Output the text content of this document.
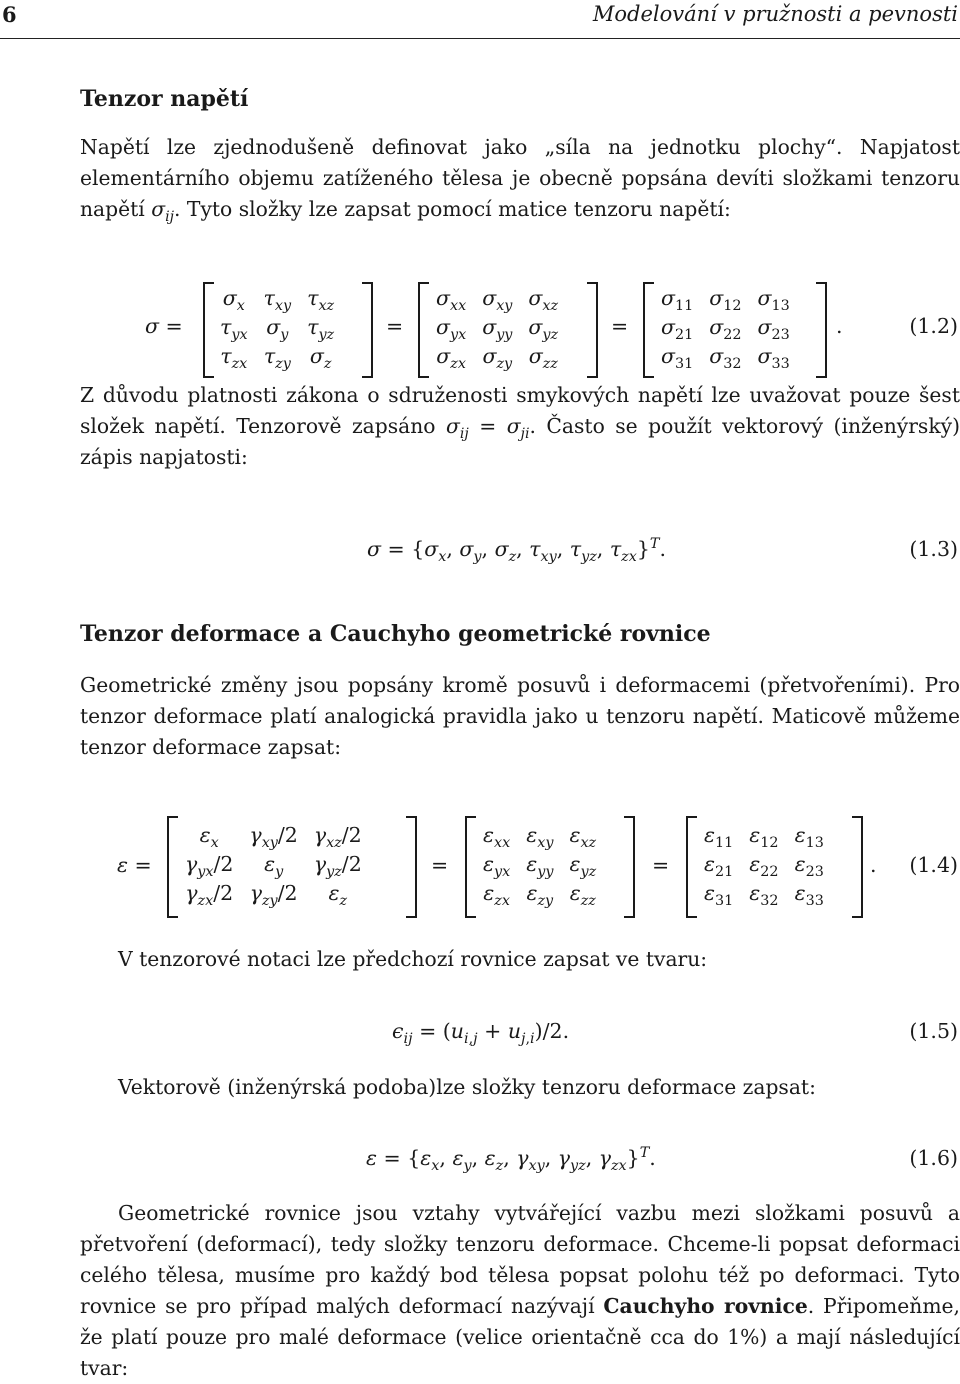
6	Modelování v pružnosti a pevnosti
Tenzor napětí
Napětí lze zjednodušeně definovat jako „síla na jednotku plochy“. Napjatost elementárního objemu zatíženého tělesa je obecně popsána devíti složkami tenzoru napětí $\sigma_{ij}$. Tyto složky lze zapsat pomocí matice tenzoru napětí:
σ =
$\sigma_x$	$\tau_{xy}$	$\tau_{xz}$
$\tau_{yx}$	$\sigma_y$	$\tau_{yz}$
$\tau_{zx}$	$\tau_{zy}$	$\sigma_z$
=
$\sigma_{xx}$	$\sigma_{xy}$	$\sigma_{xz}$
$\sigma_{yx}$	$\sigma_{yy}$	$\sigma_{yz}$
$\sigma_{zx}$	$\sigma_{zy}$	$\sigma_{zz}$
=
$\sigma_{11}$	$\sigma_{12}$	$\sigma_{13}$
$\sigma_{21}$	$\sigma_{22}$	$\sigma_{23}$
$\sigma_{31}$	$\sigma_{32}$	$\sigma_{33}$
.	(1.2)
Z důvodu platnosti zákona o sdruženosti smykových napětí lze uvažovat pouze šest složek napětí. Tenzorově zapsáno $\sigma_{ij} = \sigma_{ji}$. Často se použít vektorový (inženýrský) zápis napjatosti:
$\sigma = \{\sigma_x$, $\sigma_y$, $\sigma_z$, $\tau_{xy}$, $\tau_{yz}$, $\tau_{zx}\}^T$.	(1.3)
Tenzor deformace a Cauchyho geometrické rovnice
Geometrické změny jsou popsány kromě posuvů i deformacemi (přetvořeními). Pro tenzor deformace platí analogická pravidla jako u tenzoru napětí. Maticově můžeme tenzor deformace zapsat:
ε =
$\varepsilon_x$	$\gamma_{xy}/2$	$\gamma_{xz}/2$
$\gamma_{yx}/2$	$\varepsilon_y$	$\gamma_{yz}/2$
$\gamma_{zx}/2$	$\gamma_{zy}/2$	$\varepsilon_z$
=
$\varepsilon_{xx}$	$\varepsilon_{xy}$	$\varepsilon_{xz}$
$\varepsilon_{yx}$	$\varepsilon_{yy}$	$\varepsilon_{yz}$
$\varepsilon_{zx}$	$\varepsilon_{zy}$	$\varepsilon_{zz}$
=
$\varepsilon_{11}$	$\varepsilon_{12}$	$\varepsilon_{13}$
$\varepsilon_{21}$	$\varepsilon_{22}$	$\varepsilon_{23}$
$\varepsilon_{31}$	$\varepsilon_{32}$	$\varepsilon_{33}$
. (1.4)
V tenzorové notaci lze předchozí rovnice zapsat ve tvaru:
$\epsilon_{ij} = (u_{i,j} + u_{j,i})/2$.	(1.5)
Vektorově (inženýrská podoba)lze složky tenzoru deformace zapsat:
$\varepsilon = \{\varepsilon_x$, $\varepsilon_y$, $\varepsilon_z$, $\gamma_{xy}$, $\gamma_{yz}$, $\gamma_{zx}\}^T$.	(1.6)
Geometrické rovnice jsou vztahy vytvářející vazbu mezi složkami posuvů a přetvoření (deformací), tedy složky tenzoru deformace. Chceme-li popsat deformaci celého tělesa, musíme pro každý bod tělesa popsat polohu též po deformaci. Tyto rovnice se pro případ malých deformací nazývají Cauchyho rovnice. Připomeňme, že platí pouze pro malé deformace (velice orientačně cca do 1%) a mají následující tvar:
